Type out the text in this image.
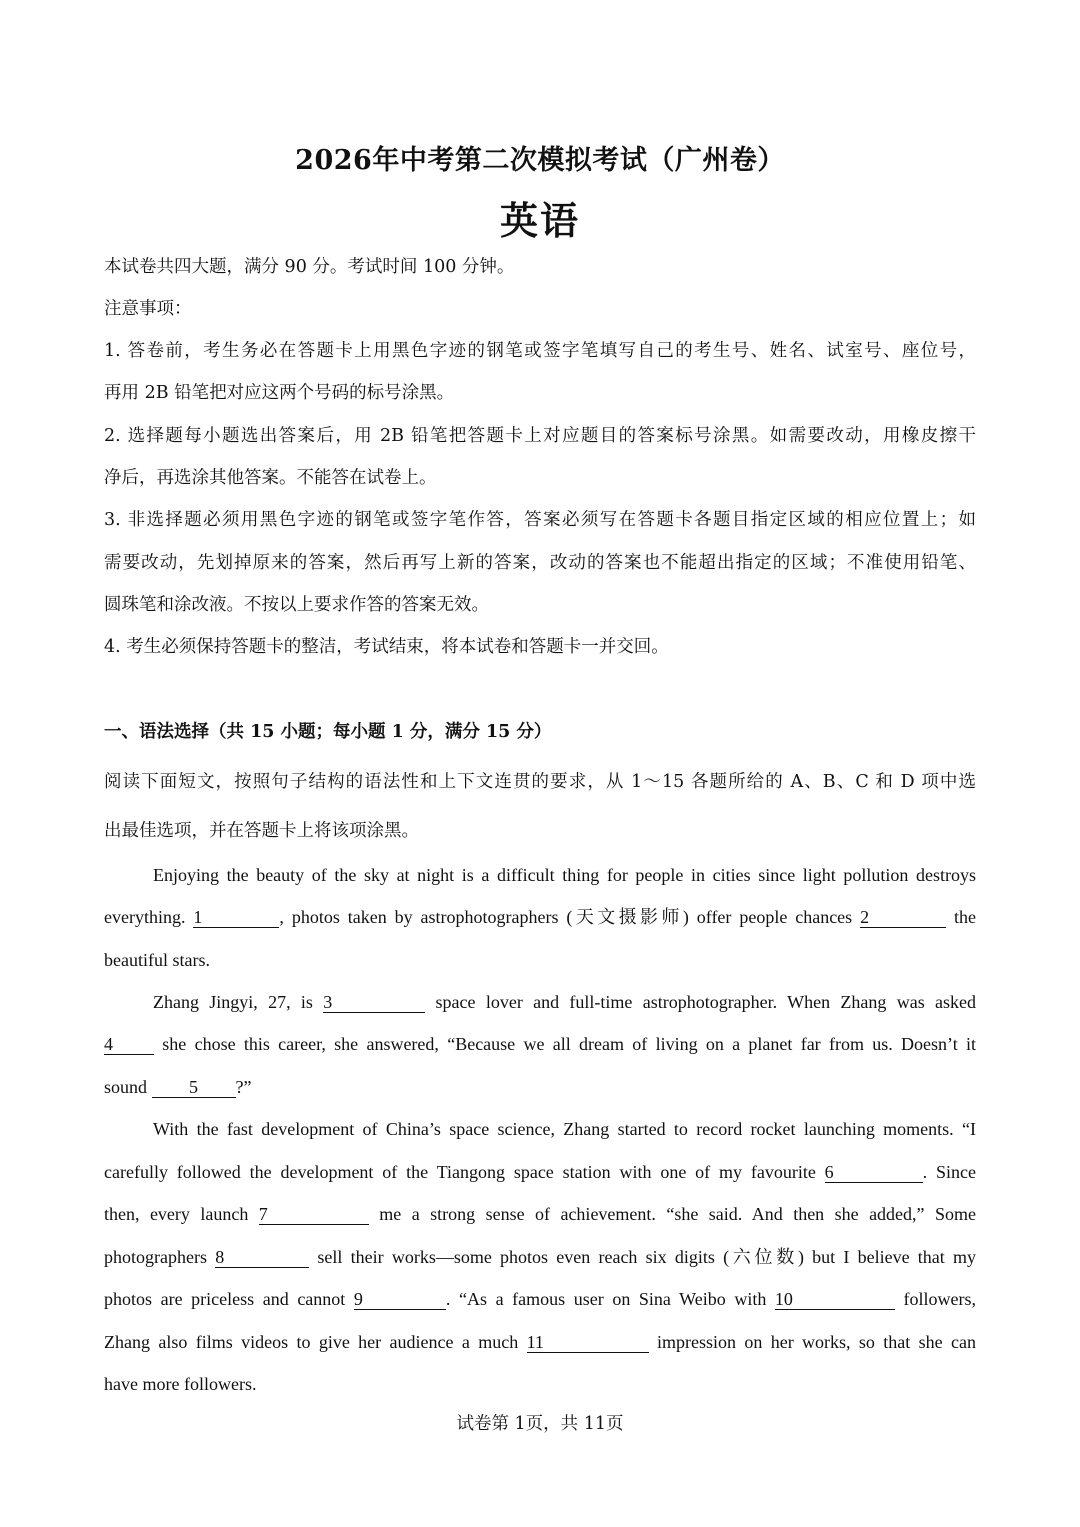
2026年中考第二次模拟考试（广州卷）
英语
本试卷共四大题，满分 90 分。考试时间 100 分钟。
注意事项：
1. 答卷前，考生务必在答题卡上用黑色字迹的钢笔或签字笔填写自己的考生号、姓名、试室号、座位号，
再用 2B 铅笔把对应这两个号码的标号涂黑。
2. 选择题每小题选出答案后，用 2B 铅笔把答题卡上对应题目的答案标号涂黑。如需要改动，用橡皮擦干
净后，再选涂其他答案。不能答在试卷上。
3. 非选择题必须用黑色字迹的钢笔或签字笔作答，答案必须写在答题卡各题目指定区域的相应位置上；如
需要改动，先划掉原来的答案，然后再写上新的答案，改动的答案也不能超出指定的区域；不准使用铅笔、
圆珠笔和涂改液。不按以上要求作答的答案无效。
4. 考生必须保持答题卡的整洁，考试结束，将本试卷和答题卡一并交回。
一、语法选择（共 15 小题；每小题 1 分，满分 15 分）
阅读下面短文，按照句子结构的语法性和上下文连贯的要求，从 1～15 各题所给的 A、B、C 和 D 项中选
出最佳选项，并在答题卡上将该项涂黑。
Enjoying the beauty of the sky at night is a difficult thing for people in cities since light pollution destroys
everything. 1	, photos taken by astrophotographers (天文摄影师) offer people chances 2	the
beautiful stars.
Zhang Jingyi, 27, is 3	space lover and full-time astrophotographer. When Zhang was asked
4	she chose this career, she answered, “Because we all dream of living on a planet far from us. Doesn’t it
sound 5 ?”
With the fast development of China’s space science, Zhang started to record rocket launching moments. “I
carefully followed the development of the Tiangong space station with one of my favourite 6	. Since
then, every launch 7	me a strong sense of achievement. “she said. And then she added,” Some
photographers 8	sell their works—some photos even reach six digits (六位数) but I believe that my
photos are priceless and cannot 9	. “As a famous user on Sina Weibo with 10	followers,
Zhang also films videos to give her audience a much 11	impression on her works, so that she can
have more followers.
试卷第 1页，共 11页
